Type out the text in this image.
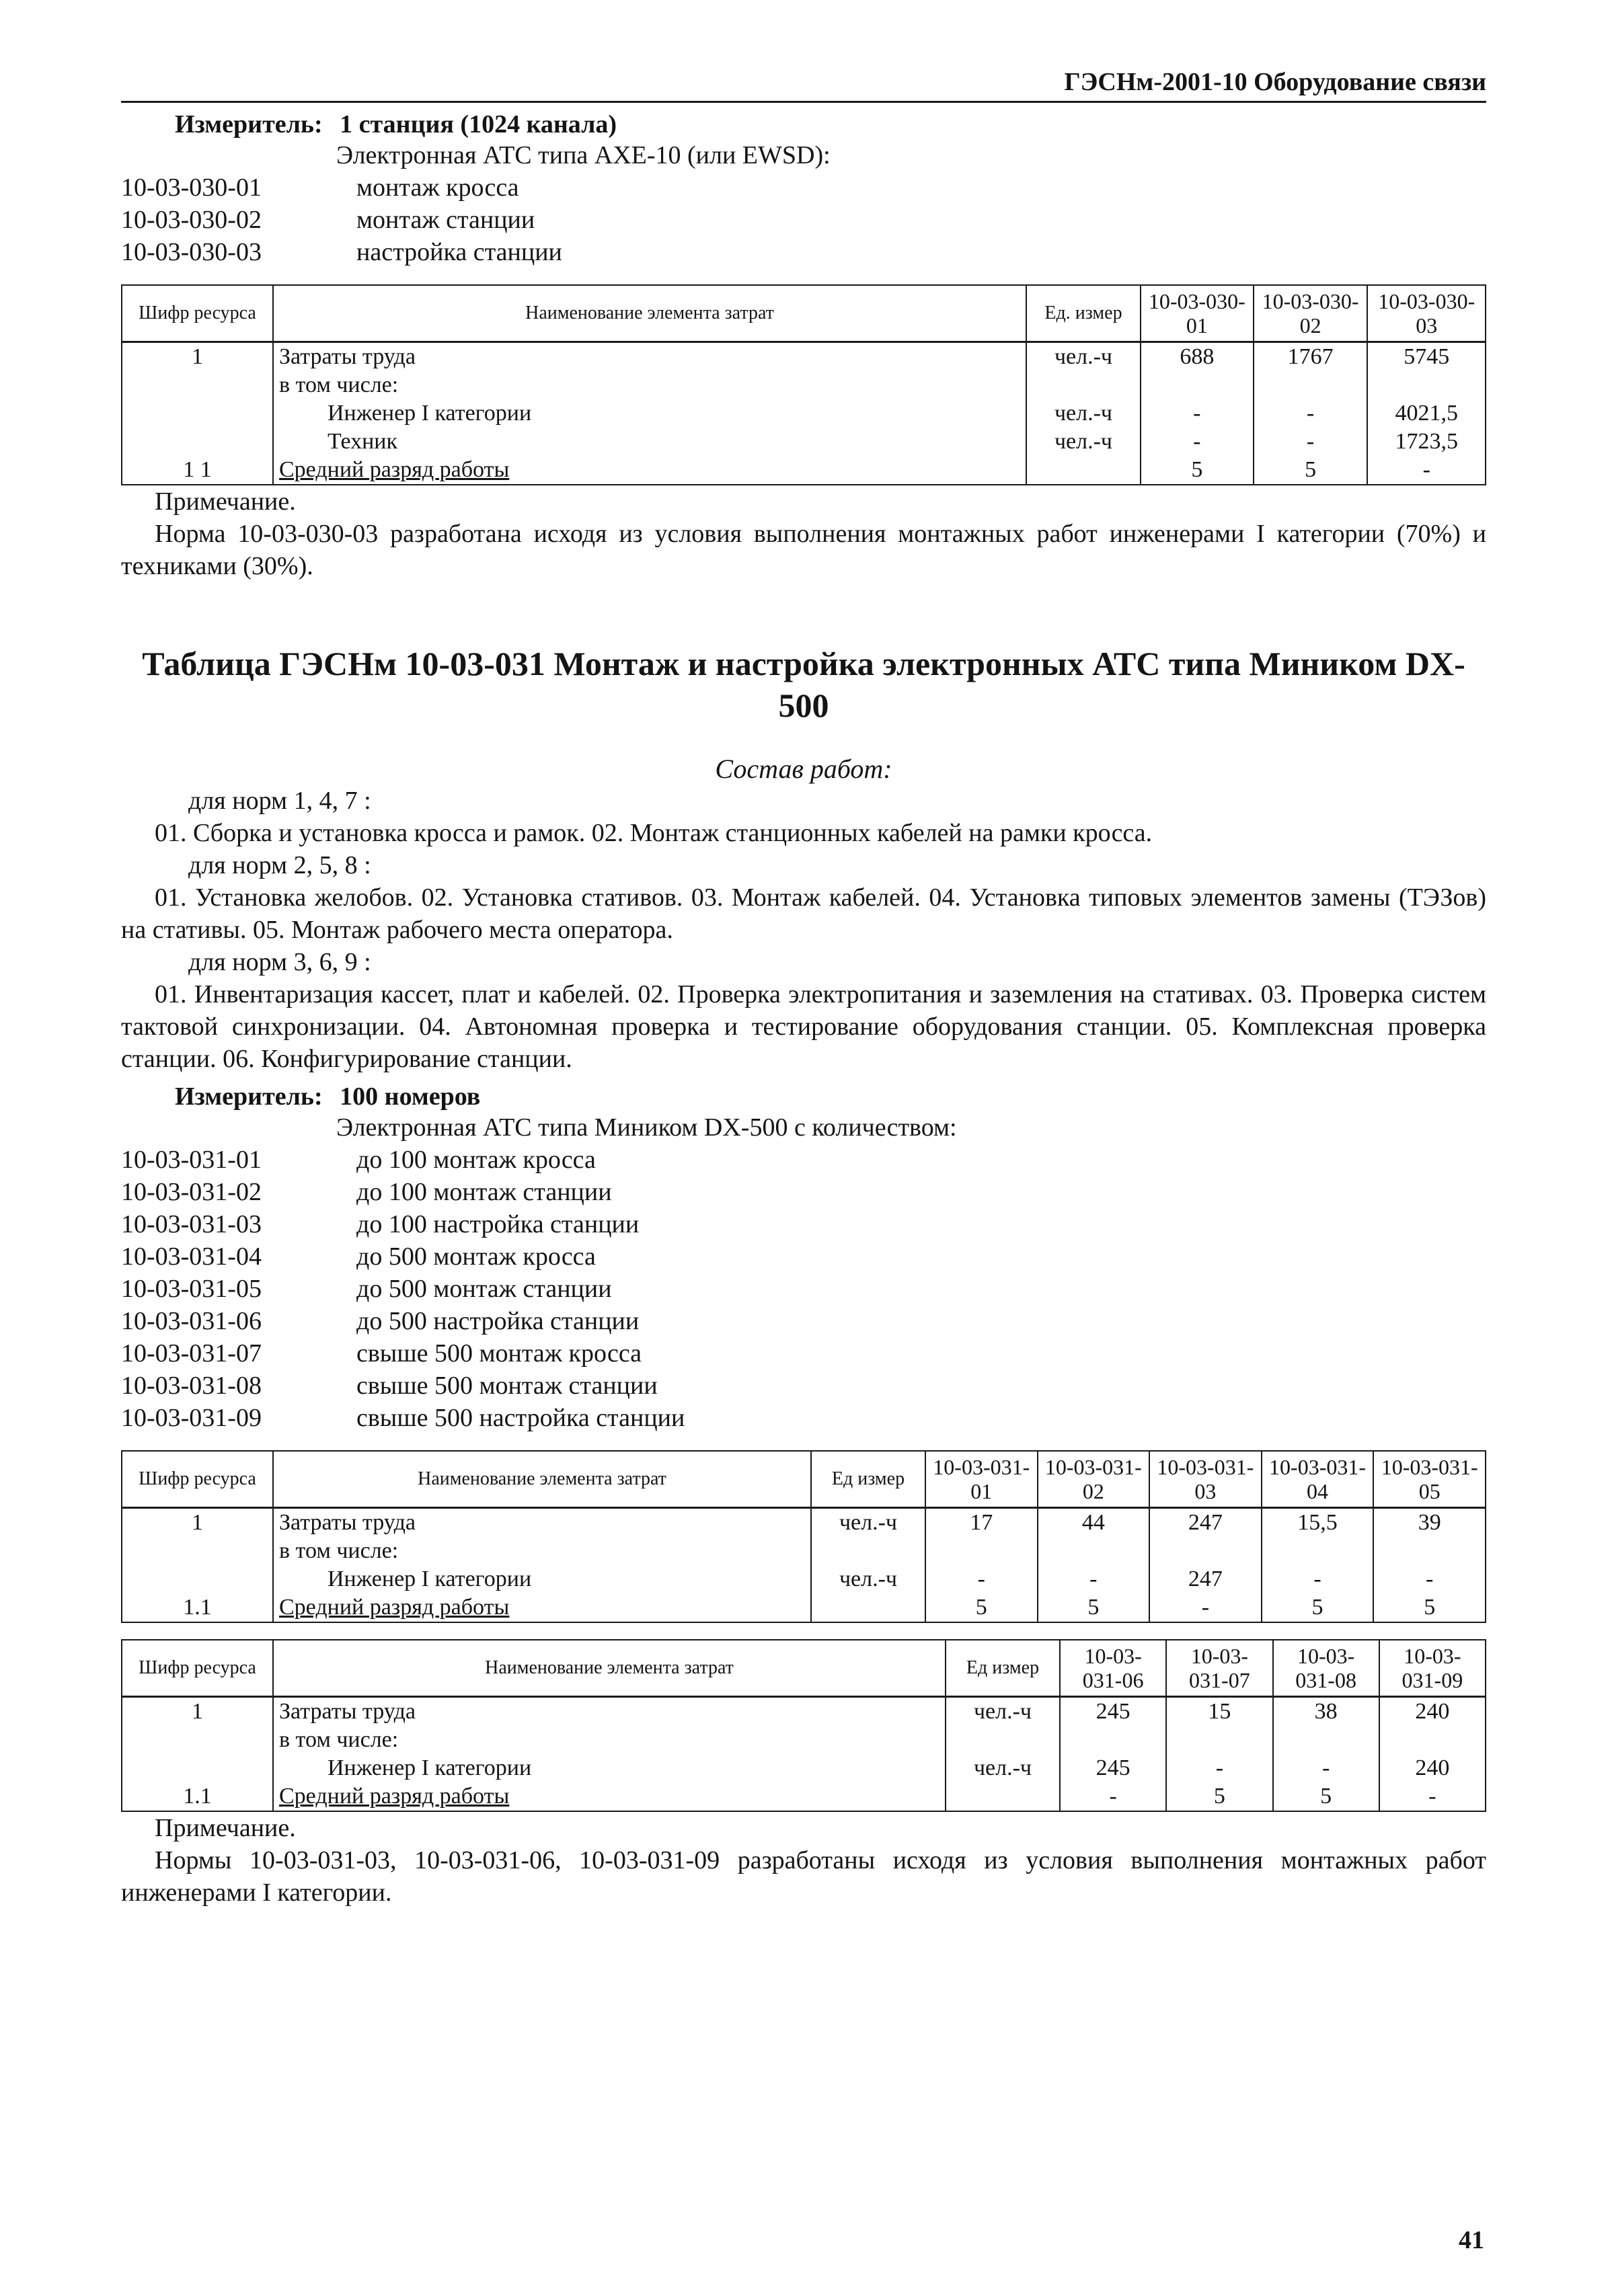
ГЭСНм-2001-10 Оборудование связи
Измеритель: 1 станция (1024 канала)
Электронная АТС типа АХЕ-10 (или EWSD):
10-03-030-01	монтаж кросса
10-03-030-02	монтаж станции
10-03-030-03	настройка станции
Шифр ресурса	Наименование элемента затрат	Ед. измер	10-03-030-01	10-03-030-02	10-03-030-03
1	Затраты труда	чел.-ч	688	1767	5745
	в том числе:				
	Инженер I категории	чел.-ч	-	-	4021,5
	Техник	чел.-ч	-	-	1723,5
1 1	Средний разряд работы		5	5	-
Примечание.
Норма 10-03-030-03 разработана исходя из условия выполнения монтажных работ инженерами I категории (70%) и техниками (30%).
Таблица ГЭСНм 10-03-031 Монтаж и настройка электронных АТС типа Миником DX-500
Состав работ:
для норм 1, 4, 7 :
01. Сборка и установка кросса и рамок. 02. Монтаж станционных кабелей на рамки кросса.
для норм 2, 5, 8 :
01. Установка желобов. 02. Установка стативов. 03. Монтаж кабелей. 04. Установка типовых элементов замены (ТЭЗов) на стативы. 05. Монтаж рабочего места оператора.
для норм 3, 6, 9 :
01. Инвентаризация кассет, плат и кабелей. 02. Проверка электропитания и заземления на стативах. 03. Проверка систем тактовой синхронизации. 04. Автономная проверка и тестирование оборудования станции. 05. Комплексная проверка станции. 06. Конфигурирование станции.
Измеритель: 100 номеров
Электронная АТС типа Миником DX-500 с количеством:
10-03-031-01	до 100 монтаж кросса
10-03-031-02	до 100 монтаж станции
10-03-031-03	до 100 настройка станции
10-03-031-04	до 500 монтаж кросса
10-03-031-05	до 500 монтаж станции
10-03-031-06	до 500 настройка станции
10-03-031-07	свыше 500 монтаж кросса
10-03-031-08	свыше 500 монтаж станции
10-03-031-09	свыше 500 настройка станции
Шифр ресурса	Наименование элемента затрат	Ед измер	10-03-031-01	10-03-031-02	10-03-031-03	10-03-031-04	10-03-031-05
1	Затраты труда	чел.-ч	17	44	247	15,5	39
	в том числе:						
	Инженер I категории	чел.-ч	-	-	247	-	-
1.1	Средний разряд работы		5	5	-	5	5
Шифр ресурса	Наименование элемента затрат	Ед измер	10-03-031-06	10-03-031-07	10-03-031-08	10-03-031-09
1	Затраты труда	чел.-ч	245	15	38	240
	в том числе:					
	Инженер I категории	чел.-ч	245	-	-	240
1.1	Средний разряд работы		-	5	5	-
Примечание.
Нормы 10-03-031-03, 10-03-031-06, 10-03-031-09 разработаны исходя из условия выполнения монтажных работ инженерами I категории.
41
